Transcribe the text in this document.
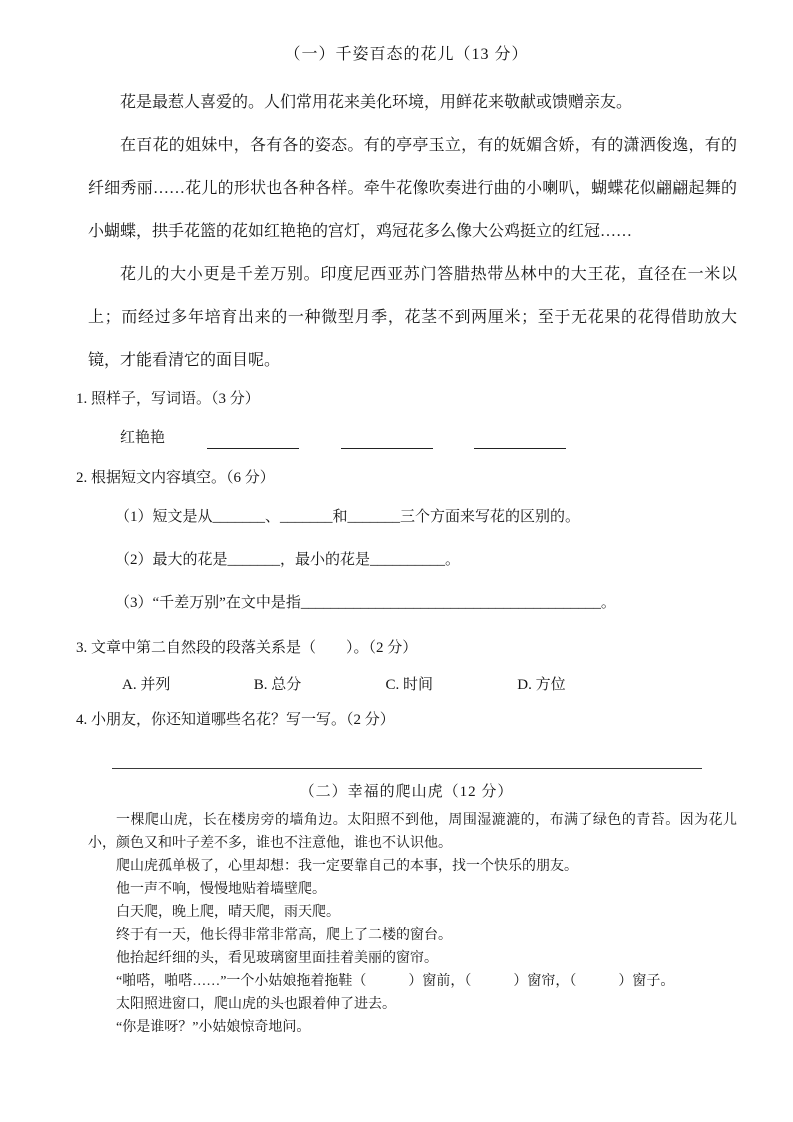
（一）千姿百态的花儿（13 分）

花是最惹人喜爱的。人们常用花来美化环境，用鲜花来敬献或馈赠亲友。

在百花的姐妹中，各有各的姿态。有的亭亭玉立，有的妩媚含娇，有的潇洒俊逸，有的纤细秀丽……花儿的形状也各种各样。牵牛花像吹奏进行曲的小喇叭，蝴蝶花似翩翩起舞的小蝴蝶，拱手花篮的花如红艳艳的宫灯，鸡冠花多么像大公鸡挺立的红冠……

花儿的大小更是千差万别。印度尼西亚苏门答腊热带丛林中的大王花，直径在一米以上；而经过多年培育出来的一种微型月季，花茎不到两厘米；至于无花果的花得借助放大镜，才能看清它的面目呢。

1. 照样子，写词语。（3 分）
红艳艳
2. 根据短文内容填空。（6 分）
（1）短文是从_______、_______和_______三个方面来写花的区别的。
（2）最大的花是_______，最小的花是__________。
（3）“千差万别”在文中是指________________________________________。
3. 文章中第二自然段的段落关系是（　　）。（2 分）
A. 并列	B. 总分	C. 时间	D. 方位
4. 小朋友，你还知道哪些名花？写一写。（2 分）
（二）幸福的爬山虎（12 分）

一棵爬山虎，长在楼房旁的墙角边。太阳照不到他，周围湿漉漉的，布满了绿色的青苔。因为花儿小，颜色又和叶子差不多，谁也不注意他，谁也不认识他。

爬山虎孤单极了，心里却想：我一定要靠自己的本事，找一个快乐的朋友。

他一声不响，慢慢地贴着墙壁爬。

白天爬，晚上爬，晴天爬，雨天爬。

终于有一天，他长得非常非常高，爬上了二楼的窗台。

他抬起纤细的头，看见玻璃窗里面挂着美丽的窗帘。

“啪嗒，啪嗒……”一个小姑娘拖着拖鞋（　　　）窗前，（　　　）窗帘，（　　　）窗子。

太阳照进窗口，爬山虎的头也跟着伸了进去。

“你是谁呀？”小姑娘惊奇地问。
